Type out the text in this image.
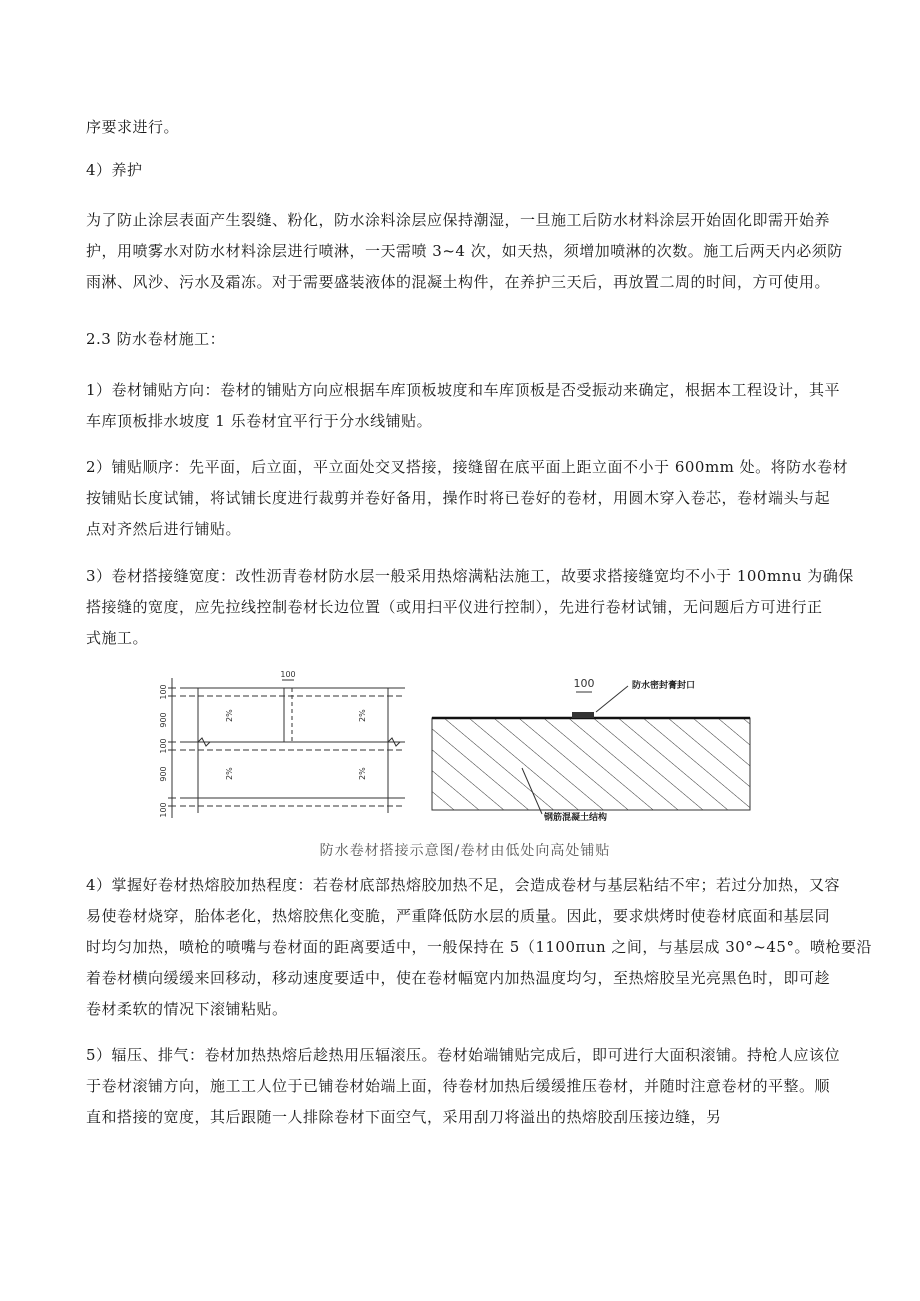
序要求进行。

4）养护

为了防止涂层表面产生裂缝、粉化，防水涂料涂层应保持潮湿，一旦施工后防水材料涂层开始固化即需开始养
护，用喷雾水对防水材料涂层进行喷淋，一天需喷 3~4 次，如天热，须增加喷淋的次数。施工后两天内必须防
雨淋、风沙、污水及霜冻。对于需要盛装液体的混凝土构件，在养护三天后，再放置二周的时间，方可使用。

2.3 防水卷材施工：

1）卷材铺贴方向：卷材的铺贴方向应根据车库顶板坡度和车库顶板是否受振动来确定，根据本工程设计，其平
车库顶板排水坡度 1 乐卷材宜平行于分水线铺贴。

2）铺贴顺序：先平面，后立面，平立面处交叉搭接，接缝留在底平面上距立面不小于 600mm 处。将防水卷材
按铺贴长度试铺，将试铺长度进行裁剪并卷好备用，操作时将已卷好的卷材，用圆木穿入卷芯，卷材端头与起
点对齐然后进行铺贴。

3）卷材搭接缝宽度：改性沥青卷材防水层一般采用热熔满粘法施工，故要求搭接缝宽均不小于 100mnu 为确保
搭接缝的宽度，应先拉线控制卷材长边位置（或用扫平仪进行控制），先进行卷材试铺，无问题后方可进行正
式施工。

100
900
100
900
100
100
2%	2%
2%	2%
100	防水密封膏封口
钢筋混凝土结构
防水卷材搭接示意图/卷材由低处向高处铺贴

4）掌握好卷材热熔胶加热程度：若卷材底部热熔胶加热不足，会造成卷材与基层粘结不牢；若过分加热，又容
易使卷材烧穿，胎体老化，热熔胶焦化变脆，严重降低防水层的质量。因此，要求烘烤时使卷材底面和基层同
时均匀加热，喷枪的喷嘴与卷材面的距离要适中，一般保持在 5（1100πun 之间，与基层成 30°~45°。喷枪要沿
着卷材横向缓缓来回移动，移动速度要适中，使在卷材幅宽内加热温度均匀，至热熔胶呈光亮黑色时，即可趁
卷材柔软的情况下滚铺粘贴。

5）辐压、排气：卷材加热热熔后趁热用压辐滚压。卷材始端铺贴完成后，即可进行大面积滚铺。持枪人应该位
于卷材滚铺方向，施工工人位于已铺卷材始端上面，待卷材加热后缓缓推压卷材，并随时注意卷材的平整。顺
直和搭接的宽度，其后跟随一人排除卷材下面空气，采用刮刀将溢出的热熔胶刮压接边缝，另
